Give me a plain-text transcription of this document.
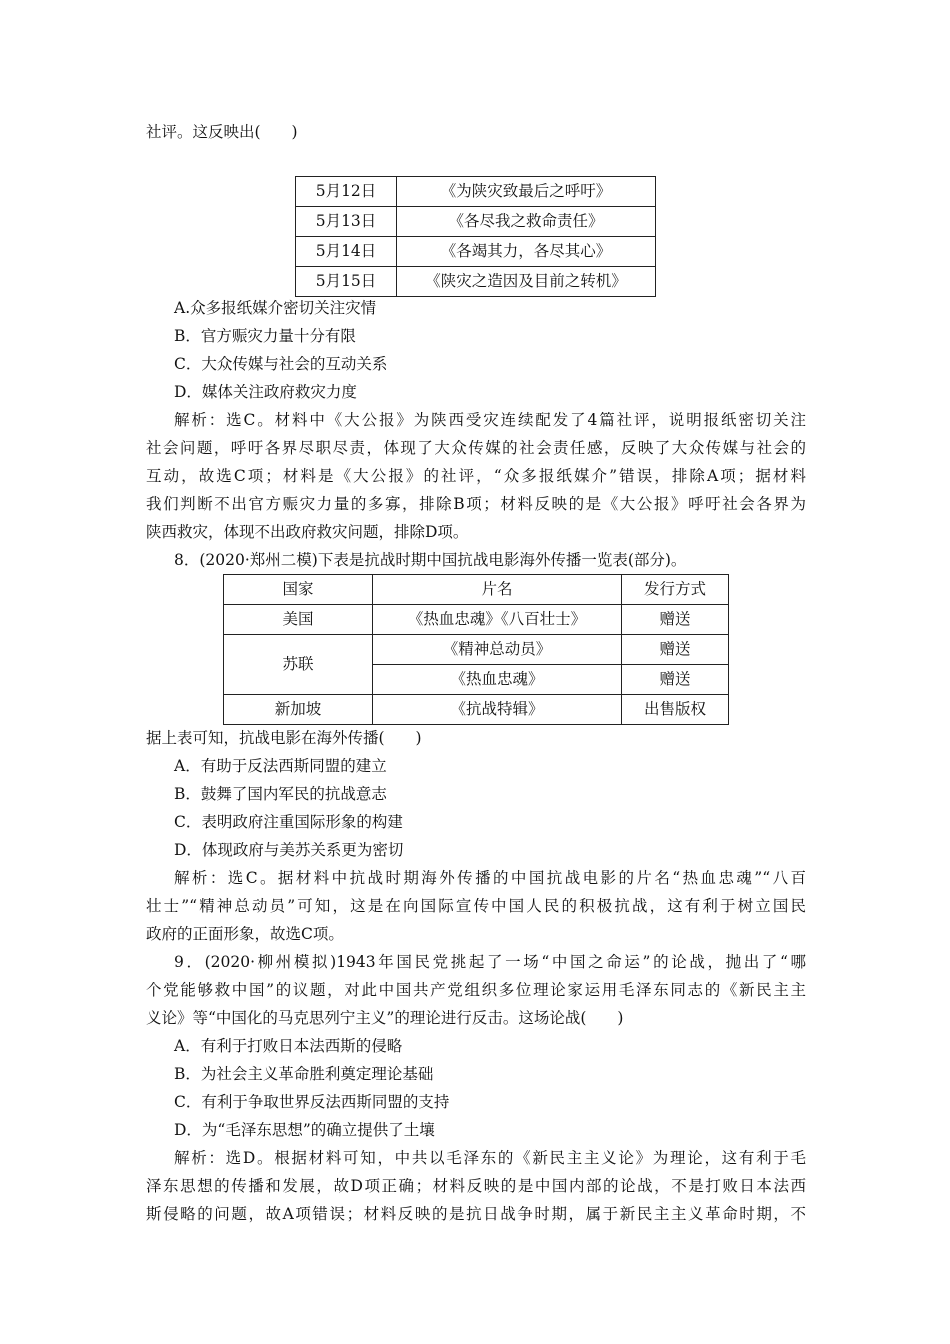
社评。这反映出(　　)
5月12日	《为陕灾致最后之呼吁》
5月13日	《各尽我之救命责任》
5月14日	《各竭其力，各尽其心》
5月15日	《陕灾之造因及目前之转机》
A.众多报纸媒介密切关注灾情
B．官方赈灾力量十分有限
C．大众传媒与社会的互动关系
D．媒体关注政府救灾力度
解析：选C。材料中《大公报》为陕西受灾连续配发了4篇社评，说明报纸密切关注
社会问题，呼吁各界尽职尽责，体现了大众传媒的社会责任感，反映了大众传媒与社会的
互动，故选C项；材料是《大公报》的社评，“众多报纸媒介”错误，排除A项；据材料
我们判断不出官方赈灾力量的多寡，排除B项；材料反映的是《大公报》呼吁社会各界为
陕西救灾，体现不出政府救灾问题，排除D项。
8．(2020·郑州二模)下表是抗战时期中国抗战电影海外传播一览表(部分)。
国家	片名	发行方式
美国	《热血忠魂》《八百壮士》	赠送
苏联	《精神总动员》	赠送
	《热血忠魂》	赠送
新加坡	《抗战特辑》	出售版权
据上表可知，抗战电影在海外传播(　　)
A．有助于反法西斯同盟的建立
B．鼓舞了国内军民的抗战意志
C．表明政府注重国际形象的构建
D．体现政府与美苏关系更为密切
解析：选C。据材料中抗战时期海外传播的中国抗战电影的片名“热血忠魂”“八百
壮士”“精神总动员”可知，这是在向国际宣传中国人民的积极抗战，这有利于树立国民
政府的正面形象，故选C项。
9．(2020·柳州模拟)1943年国民党挑起了一场“中国之命运”的论战，抛出了“哪
个党能够救中国”的议题，对此中国共产党组织多位理论家运用毛泽东同志的《新民主主
义论》等“中国化的马克思列宁主义”的理论进行反击。这场论战(　　)
A．有利于打败日本法西斯的侵略
B．为社会主义革命胜利奠定理论基础
C．有利于争取世界反法西斯同盟的支持
D．为“毛泽东思想”的确立提供了土壤
解析：选D。根据材料可知，中共以毛泽东的《新民主主义论》为理论，这有利于毛
泽东思想的传播和发展，故D项正确；材料反映的是中国内部的论战，不是打败日本法西
斯侵略的问题，故A项错误；材料反映的是抗日战争时期，属于新民主主义革命时期，不
